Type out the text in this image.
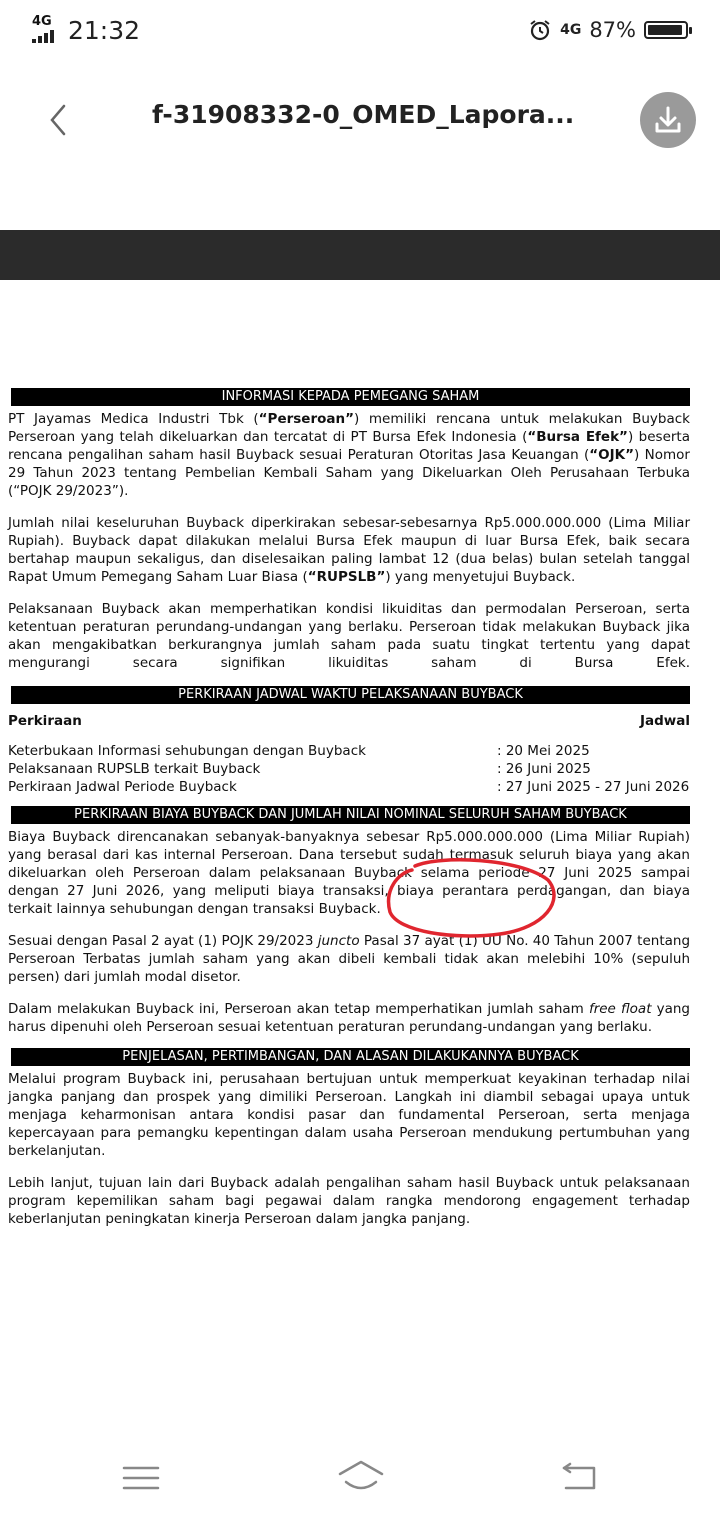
4G 21:32	4G 87%
f-31908332-0_OMED_Lapora...
INFORMASI KEPADA PEMEGANG SAHAM

PT Jayamas Medica Industri Tbk (“Perseroan”) memiliki rencana untuk melakukan Buyback Perseroan yang telah dikeluarkan dan tercatat di PT Bursa Efek Indonesia (“Bursa Efek”) beserta rencana pengalihan saham hasil Buyback sesuai Peraturan Otoritas Jasa Keuangan (“OJK”) Nomor 29 Tahun 2023 tentang Pembelian Kembali Saham yang Dikeluarkan Oleh Perusahaan Terbuka (“POJK 29/2023”).

Jumlah nilai keseluruhan Buyback diperkirakan sebesar-sebesarnya Rp5.000.000.000 (Lima Miliar Rupiah). Buyback dapat dilakukan melalui Bursa Efek maupun di luar Bursa Efek, baik secara bertahap maupun sekaligus, dan diselesaikan paling lambat 12 (dua belas) bulan setelah tanggal Rapat Umum Pemegang Saham Luar Biasa (“RUPSLB”) yang menyetujui Buyback.

Pelaksanaan Buyback akan memperhatikan kondisi likuiditas dan permodalan Perseroan, serta ketentuan peraturan perundang-undangan yang berlaku. Perseroan tidak melakukan Buyback jika akan mengakibatkan berkurangnya jumlah saham pada suatu tingkat tertentu yang dapat mengurangi secara signifikan likuiditas saham di Bursa Efek.

PERKIRAAN JADWAL WAKTU PELAKSANAAN BUYBACK
Perkiraan	Jadwal
Keterbukaan Informasi sehubungan dengan Buyback	: 20 Mei 2025
Pelaksanaan RUPSLB terkait Buyback	: 26 Juni 2025
Perkiraan Jadwal Periode Buyback	: 27 Juni 2025 - 27 Juni 2026
PERKIRAAN BIAYA BUYBACK DAN JUMLAH NILAI NOMINAL SELURUH SAHAM BUYBACK

Biaya Buyback direncanakan sebanyak-banyaknya sebesar Rp5.000.000.000 (Lima Miliar Rupiah) yang berasal dari kas internal Perseroan. Dana tersebut sudah termasuk seluruh biaya yang akan dikeluarkan oleh Perseroan dalam pelaksanaan Buyback selama periode 27 Juni 2025 sampai dengan 27 Juni 2026, yang meliputi biaya transaksi, biaya perantara perdagangan, dan biaya terkait lainnya sehubungan dengan transaksi Buyback.

Sesuai dengan Pasal 2 ayat (1) POJK 29/2023 juncto Pasal 37 ayat (1) UU No. 40 Tahun 2007 tentang Perseroan Terbatas jumlah saham yang akan dibeli kembali tidak akan melebihi 10% (sepuluh persen) dari jumlah modal disetor.

Dalam melakukan Buyback ini, Perseroan akan tetap memperhatikan jumlah saham free float yang harus dipenuhi oleh Perseroan sesuai ketentuan peraturan perundang-undangan yang berlaku.

PENJELASAN, PERTIMBANGAN, DAN ALASAN DILAKUKANNYA BUYBACK

Melalui program Buyback ini, perusahaan bertujuan untuk memperkuat keyakinan terhadap nilai jangka panjang dan prospek yang dimiliki Perseroan. Langkah ini diambil sebagai upaya untuk menjaga keharmonisan antara kondisi pasar dan fundamental Perseroan, serta menjaga kepercayaan para pemangku kepentingan dalam usaha Perseroan mendukung pertumbuhan yang berkelanjutan.

Lebih lanjut, tujuan lain dari Buyback adalah pengalihan saham hasil Buyback untuk pelaksanaan program kepemilikan saham bagi pegawai dalam rangka mendorong engagement terhadap keberlanjutan peningkatan kinerja Perseroan dalam jangka panjang.
